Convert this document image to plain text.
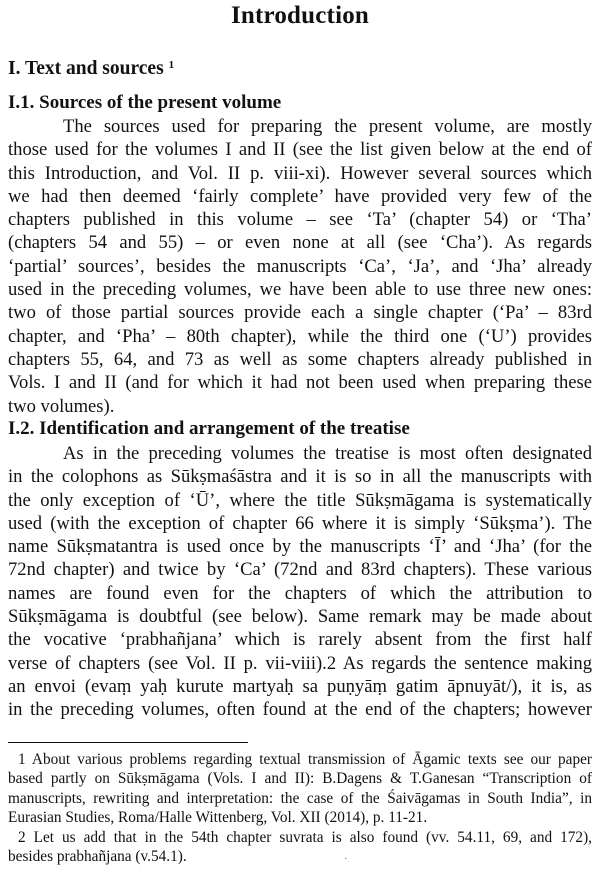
Introduction
I. Text and sources $^1$
I.1. Sources of the present volume
The sources used for preparing the present volume, are mostly
those used for the volumes I and II (see the list given below at the end of
this Introduction, and Vol. II p. viii-xi). However several sources which
we had then deemed ‘fairly complete’ have provided very few of the
chapters published in this volume – see ‘Ta’ (chapter 54) or ‘Tha’
(chapters 54 and 55) – or even none at all (see ‘Cha’). As regards
‘partial’ sources’, besides the manuscripts ‘Ca’, ‘Ja’, and ‘Jha’ already
used in the preceding volumes, we have been able to use three new ones:
two of those partial sources provide each a single chapter (‘Pa’ – 83rd
chapter, and ‘Pha’ – 80th chapter), while the third one (‘U’) provides
chapters 55, 64, and 73 as well as some chapters already published in
Vols. I and II (and for which it had not been used when preparing these
two volumes).
I.2. Identification and arrangement of the treatise
As in the preceding volumes the treatise is most often designated
in the colophons as Sūkṣmaśāstra and it is so in all the manuscripts with
the only exception of ‘Ū’, where the title Sūkṣmāgama is systematically
used (with the exception of chapter 66 where it is simply ‘Sūkṣma’). The
name Sūkṣmatantra is used once by the manuscripts ‘Ī’ and ‘Jha’ (for the
72nd chapter) and twice by ‘Ca’ (72nd and 83rd chapters). These various
names are found even for the chapters of which the attribution to
Sūkṣmāgama is doubtful (see below). Same remark may be made about
the vocative ‘prabhañjana’ which is rarely absent from the first half
verse of chapters (see Vol. II p. vii-viii).2 As regards the sentence making
an envoi (evaṃ yaḥ kurute martyaḥ sa puṇyāṃ gatim āpnuyāt/), it is, as
in the preceding volumes, often found at the end of the chapters; however
1 About various problems regarding textual transmission of Āgamic texts see our paper
based partly on Sūkṣmāgama (Vols. I and II): B.Dagens & T.Ganesan “Transcription of
manuscripts, rewriting and interpretation: the case of the Śaivāgamas in South India”, in
Eurasian Studies, Roma/Halle Wittenberg, Vol. XII (2014), p. 11-21.
2 Let us add that in the 54th chapter suvrata is also found (vv. 54.11, 69, and 172),
besides prabhañjana (v.54.1).	·
